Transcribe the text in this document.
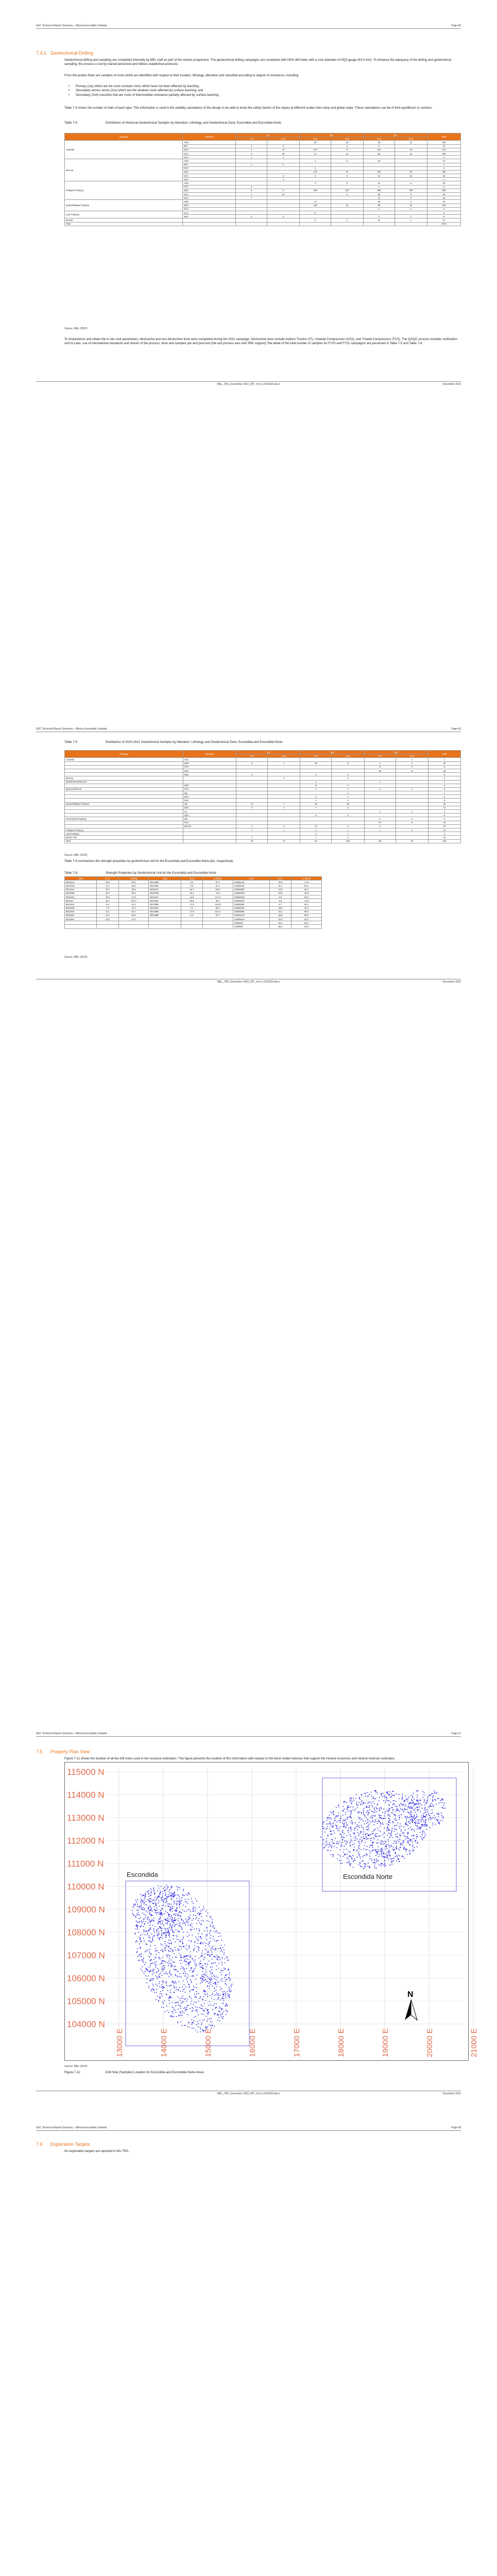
SEC Technical Report Summary – Minera Escondida Limitada	Page 65
7.4.1 Geotechnical Drilling
Geotechnical drilling and sampling are completed internally by MEL staff as part of the routine programme. The geotechnical drilling campaigns are completed with DDH drill holes with a core diameter of HQ3 gauge (63.5 mm). To enhance the adequacy of the drilling and geotechnical sampling, the process is led by trained personnel and follows established protocols.
From the probes there are samples of rocks which are identified with respect to their location, lithology, alteration and classified according to degree of resistance, including:
• Primary (1ry) which are the most resistant rocks which have not been affected by leaching.
• Secondary semus strictu (2ss) which are the weakest rocks affected by surface leaching, and
• Secondary (2nd) transition that are rocks of intermediate resistance partially affected by surface leaching.
Table 7-4 shows the number of trials of each type. This information is used in the stability calculations of the design to be able to know the safety factors of the slopes at different scales inter-ramp and global slope. These calculations can be of limit equilibrium or numeric.
Table 7-4:	Distribution of Historical Geotechnical Samples by Alteration, Lithology, and Geotechnical Zone, Escondida and Escondida Norte
Lithology	Alteration	1ry		2ss		2nd		Total
		TCS	UCS	TCS	UCS	TCS	UCS	
Andesite	ARG			35	25	29	21	109
	BIO	4	5		1	5		15
	QSC	1	14	174	71	124	34	414
	SCC	3	30	11	21	52	13	128
	SGV	1	1					2
Breccia	ARG			1	3	23		27
	BIO	1	3					4
	POT			2				2
	QSC			179	81	166	63	489
	SCC		3	4	6	21	13	46
	SGV		1					1
Feldspar Porphyry	ARG			3	5	16	5	29
	POT	4				1		5
	QSC	6	6	198	107	368	109	800
	SCC	2	22		2	25	6	56
	SGV	7				10	2	19
Quartzfeldspar Porphyry	ARG			11		29	3	43
	QSC			118	51	96	57	324
	SCC					1	1	2
Late Porphyry	CLO			5				5
	SGV	2	4			1	1	8
BLANK				4	1	21	1	27
Total								2673
Source: MEL (2022)
To characterize and obtain the in-situ rock parameters, destructive and non-destructive tests were completed during the 2021 campaign. Destructive tests include Indirect Traction (IT), Uniaxial Compression (UCS), and Triaxial Compression (TCS). The QA/QC process includes verification visit to Labs, use of international standards and checks of the process, tests and samples pre and post-test (the last process was with SRK support).The detail of the total number of samples for FY20 and FY21 campaigns are presented in Table 7-5 and Table 7-6.
MEL_TRS_December 2022_(RT_v4.4_LOCKED).docx	December 2022
SEC Technical Report Summary – Minera Escondida Limitada	Page 66
Table 7-5:	Distribution of 2020-2021 Geotechnical Samples by Alteration, Lithology and Geotechnical Zone, Escondida and Escondida Norte
Lithology	Alteration	1ry		2ss		2nd		Total
		TCS	UCS	TCS	UCS	TCS	UCS	
Andesite	SCC						1	1
	QSC	2	1	22	6	4	1	39
	POT					5	3	8
	SGV					25	11	36
	QSC	2		1	3			6
Breccia			2		3			5
Hydrothermal Breccia				1		1		2
	QSC			8	2			6
Igneous Breccia	SCC			1	2	2	1	6
	QS				1			1
	QSA			2	1			3
	QSC			2	3			5
Quartzfeldspar Porphyry	QS	14	7	45	18			84
	QSC	2	1	7	3			13
	CL					1	1	2
	QSC			3	3			6
Intermineral Porphyry	QS					2	4	6
	SCC					27	8	42
	QS-Clv	1	4	14	3	2		24
Feldspar Porphyry	-	7	1	2	1	1	2	14
Late Porphyry	-			2	1			3
Dacitic Tuff	-	4		7	3			18
Total		34	17	51	192	69	31	333
Source: MEL (2022)
Table 7-6 summarizes the strength properties by geotechnical unit for the Escondida and Escondida Norte pits, respectively.
Table 7-6:	Strength Properties by Geotechnical Unit for the Escondida and Escondida Norte
UGB	mi (-)	ci (MPa)	UGB	mi (-)	ci (MPa)	UGB	mi (-)	ci (MPa)
BGU01A	13.5	33.6	BGU06B	6.2	67.7	UGB01AN	25.2	17.6
BGU01B	8.2	82.5	BGU06C	8.6	61.4	UGB02AN	11.2	63.2
BGU02A	10.7	38.9	BGU07A	15.7	118.7	UGB02BN	12.8	30.4
BGU02B	13.7	56.3	BGU07B	10.1	73.0	UGB02CN	10.6	46.6
BGU02C	19.9	27.8	BGU07C	11.6	147.3	UGB02DN	9.5	53.0
BGU03	10.7	117.0	BGU08A	23.8	46.7	UGB03AN	6.0	74.5
BGU04A	9.9	41.3	BGU08B	17.9	142.9	UGB03BN	6.7	53.1
BGU04B	7.6	47.0	BGU09A	7.1	50.2	UGB04AN	19.6	40.4
BGU05A	11.1	52.7	BGU09B	17.8	101.4	UGB04BN	43.1	98.0
BGU06A	6.9	60.5	BGU06B	6.2	67.7	UGB04CN	43.5	98.5
BGU06A	10.2	47.4				UGB05AN	19.3	64.0
						UGB06N	20.1	124.7
						UGB08N	35.4	23.6
Source: MEL (2022)
MEL_TRS_December 2022_(RT_v4.4_LOCKED).docx	December 2022
SEC Technical Report Summary – Minera Escondida Limitada	Page 67
7.5 Property Plan View
Figure 7-11 shows the location of all the drill holes used in the resource estimation. This figure presents the location of this information with respect to the block model volumes that support the mineral resources and mineral reserves estimates.
115000 N
114000 N
113000 N
112000 N
111000 N
110000 N
109000 N
108000 N
107000 N
106000 N
105000 N
104000 N
13000 E	14000 E	15000 E	16000 E	17000 E	18000 E	19000 E	20000 E	21000 E
Escondida	Escondida Norte
N
Source: MEL (2022)
Figure 7-11:	Drill Hole (Samples) Location for Escondida and Escondida Norte Areas
MEL_TRS_December 2022_(RT_v4.4_LOCKED).docx	December 2022
SEC Technical Report Summary – Minera Escondida Limitada	Page 68
7.6 Exploration Targets
No exploration targets are reported in this TRS..
